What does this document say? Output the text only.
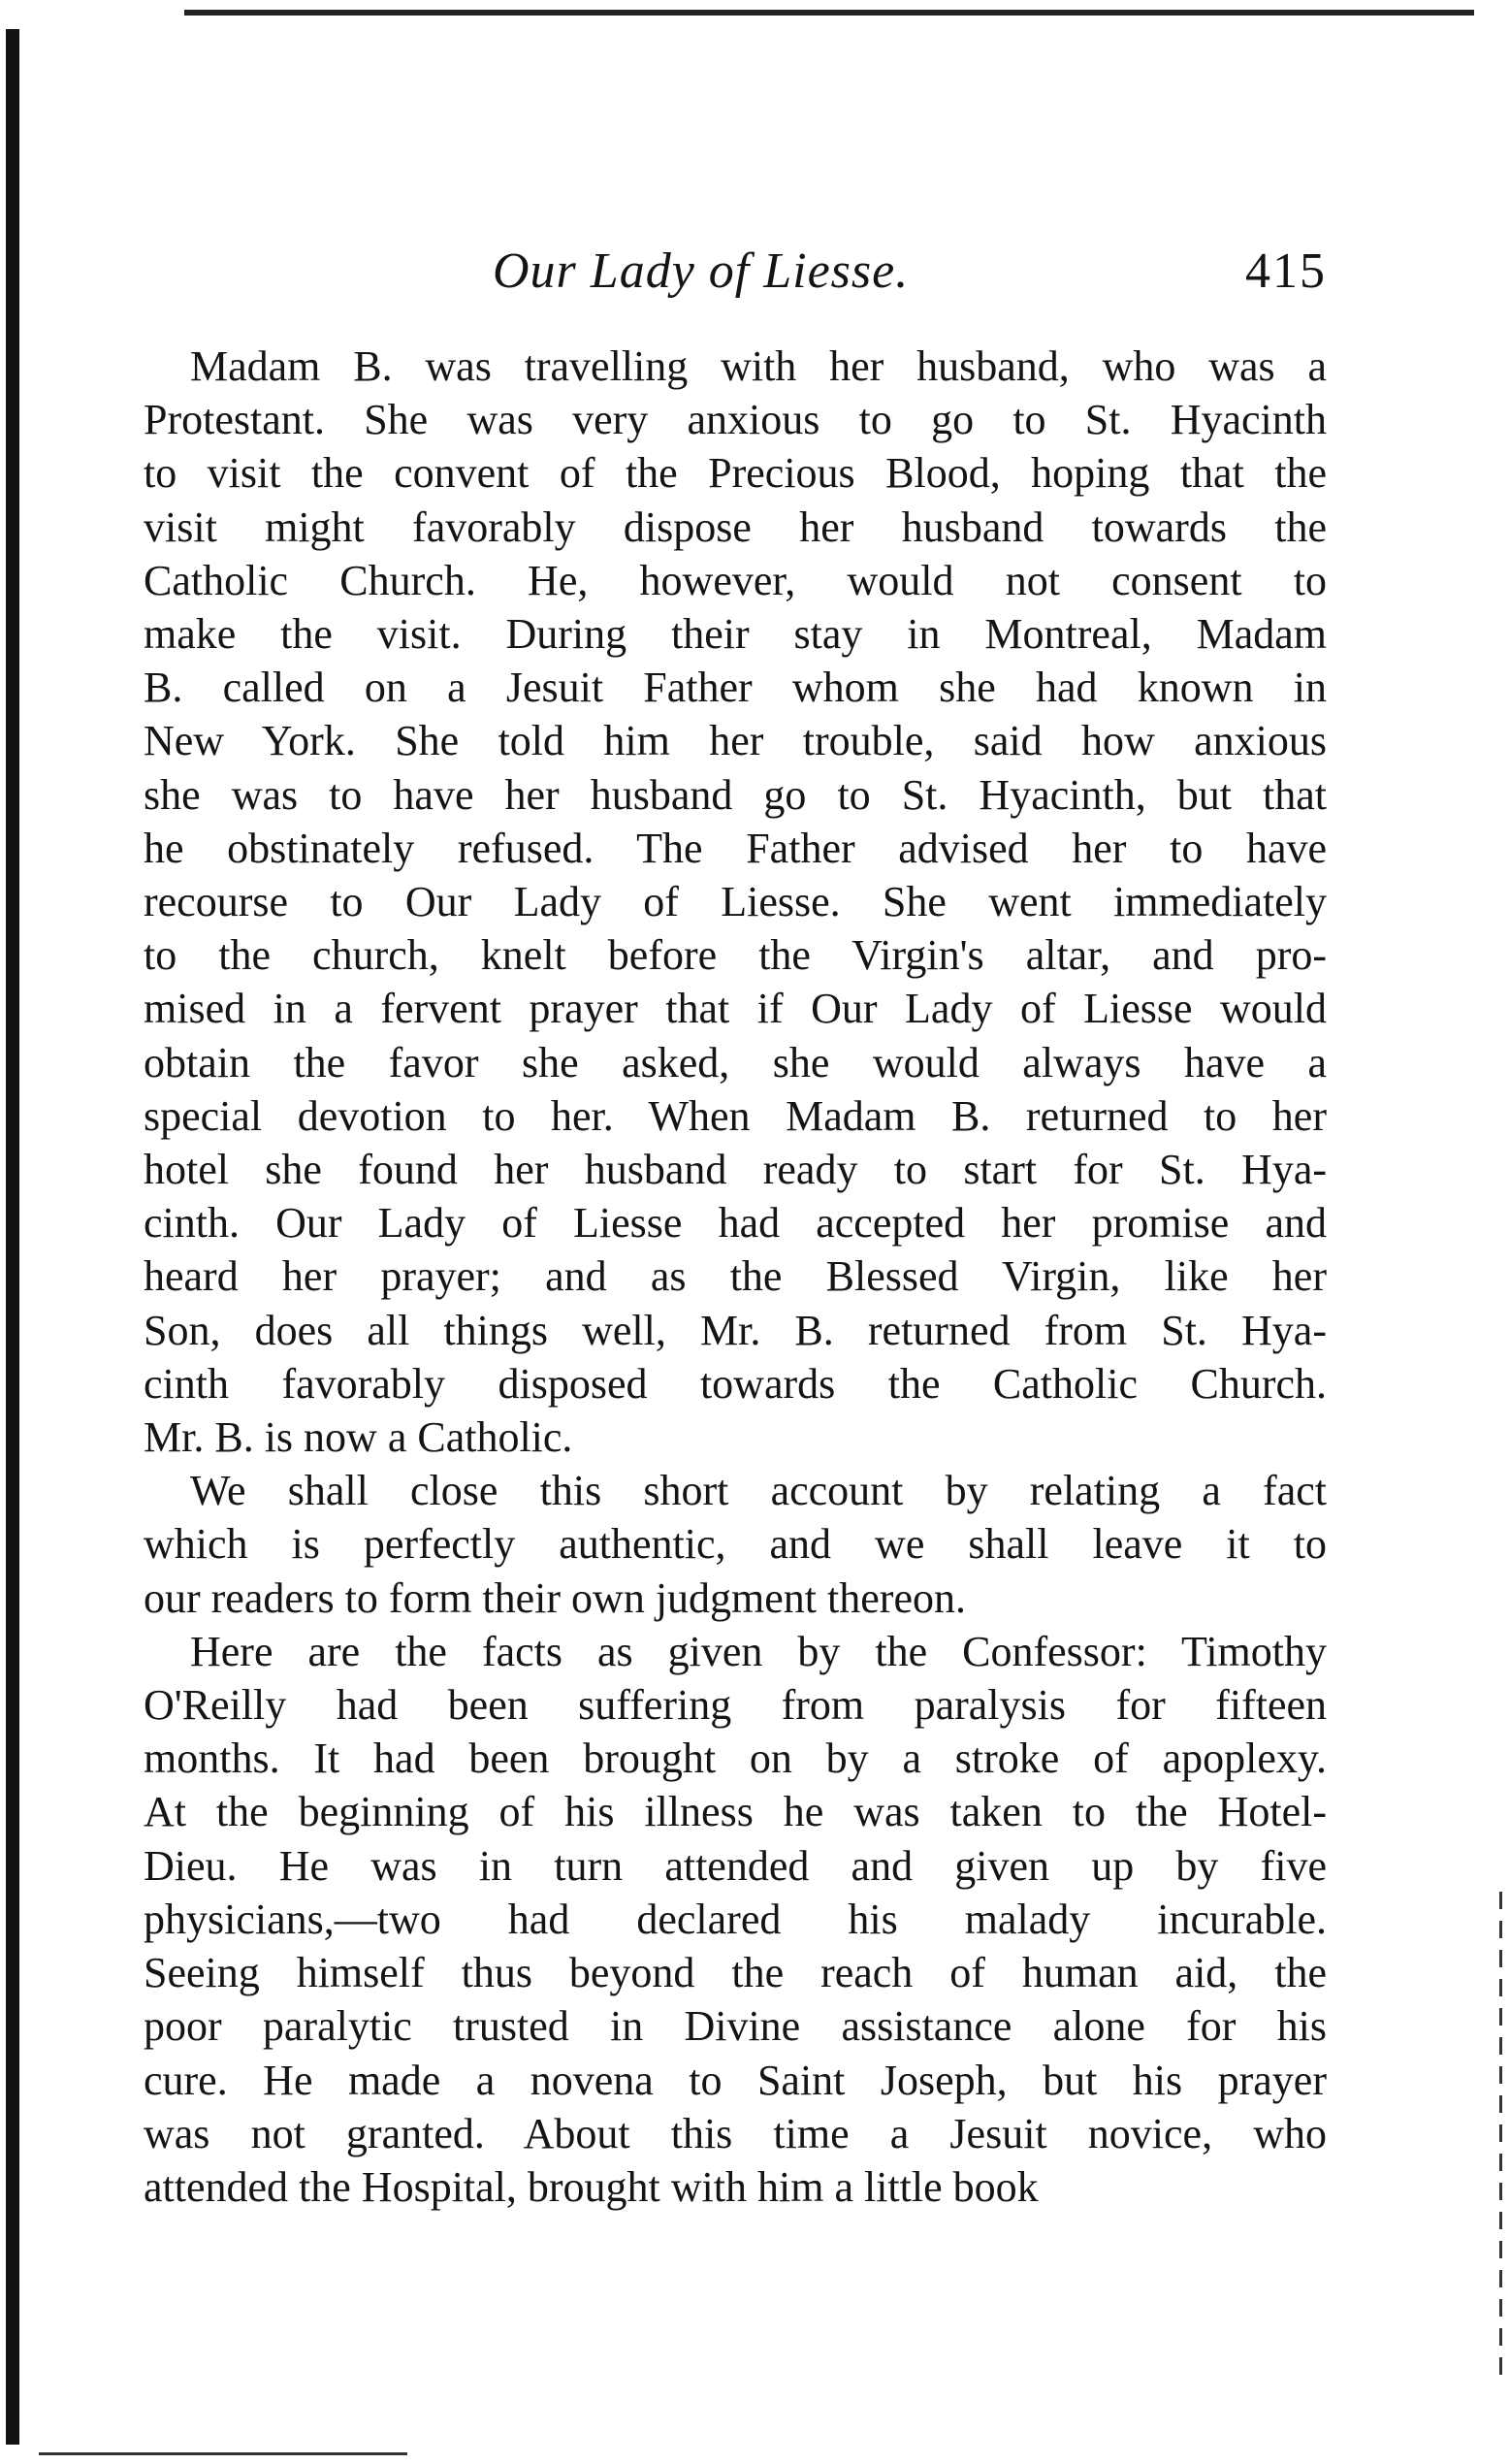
Our Lady of Liesse.	415

Madam B. was travelling with her husband, who was a
Protestant. She was very anxious to go to St. Hyacinth
to visit the convent of the Precious Blood, hoping that the
visit might favorably dispose her husband towards the
Catholic Church. He, however, would not consent to
make the visit. During their stay in Montreal, Madam
B. called on a Jesuit Father whom she had known in
New York. She told him her trouble, said how anxious
she was to have her husband go to St. Hyacinth, but that
he obstinately refused. The Father advised her to have
recourse to Our Lady of Liesse. She went immediately
to the church, knelt before the Virgin's altar, and pro-
mised in a fervent prayer that if Our Lady of Liesse would
obtain the favor she asked, she would always have a
special devotion to her. When Madam B. returned to her
hotel she found her husband ready to start for St. Hya-
cinth. Our Lady of Liesse had accepted her promise and
heard her prayer; and as the Blessed Virgin, like her
Son, does all things well, Mr. B. returned from St. Hya-
cinth favorably disposed towards the Catholic Church.
Mr. B. is now a Catholic.

We shall close this short account by relating a fact
which is perfectly authentic, and we shall leave it to
our readers to form their own judgment thereon.

Here are the facts as given by the Confessor: Timothy
O'Reilly had been suffering from paralysis for fifteen
months. It had been brought on by a stroke of apoplexy.
At the beginning of his illness he was taken to the Hotel-
Dieu. He was in turn attended and given up by five
physicians,—two had declared his malady incurable.
Seeing himself thus beyond the reach of human aid, the
poor paralytic trusted in Divine assistance alone for his
cure. He made a novena to Saint Joseph, but his prayer
was not granted. About this time a Jesuit novice, who
attended the Hospital, brought with him a little book
